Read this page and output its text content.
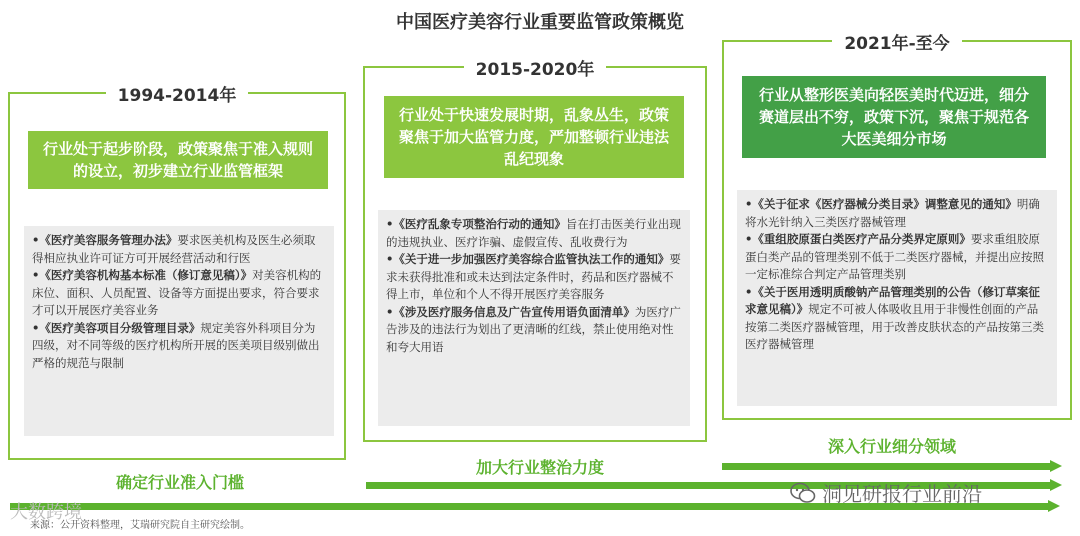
中国医疗美容行业重要监管政策概览
1994-2014年
行业处于起步阶段，政策聚焦于准入规则的设立，初步建立行业监管框架

•《医疗美容服务管理办法》要求医美机构及医生必须取得相应执业许可证方可开展经营活动和行医

•《医疗美容机构基本标准（修订意见稿）》对美容机构的床位、面积、人员配置、设备等方面提出要求，符合要求才可以开展医疗美容业务

•《医疗美容项目分级管理目录》规定美容外科项目分为四级，对不同等级的医疗机构所开展的医美项目级别做出严格的规范与限制

2015-2020年
行业处于快速发展时期，乱象丛生，政策聚焦于加大监管力度，严加整顿行业违法乱纪现象

•《医疗乱象专项整治行动的通知》旨在打击医美行业出现的违规执业、医疗诈骗、虚假宣传、乱收费行为

•《关于进一步加强医疗美容综合监管执法工作的通知》要求未获得批准和或未达到法定条件时，药品和医疗器械不得上市，单位和个人不得开展医疗美容服务

•《涉及医疗服务信息及广告宣传用语负面清单》为医疗广告涉及的违法行为划出了更清晰的红线，禁止使用绝对性和夸大用语

2021年-至今
行业从整形医美向轻医美时代迈进，细分赛道层出不穷，政策下沉，聚焦于规范各大医美细分市场

•《关于征求《医疗器械分类目录》调整意见的通知》明确将水光针纳入三类医疗器械管理

•《重组胶原蛋白类医疗产品分类界定原则》要求重组胶原蛋白类产品的管理类别不低于二类医疗器械，并提出应按照一定标准综合判定产品管理类别

•《关于医用透明质酸钠产品管理类别的公告（修订草案征求意见稿）》规定不可被人体吸收且用于非慢性创面的产品按第二类医疗器械管理，用于改善皮肤状态的产品按第三类医疗器械管理

确定行业准入门槛
加大行业整治力度
深入行业细分领域
大数跨境
来源：公开资料整理，艾瑞研究院自主研究绘制。
洞见研报行业前沿
